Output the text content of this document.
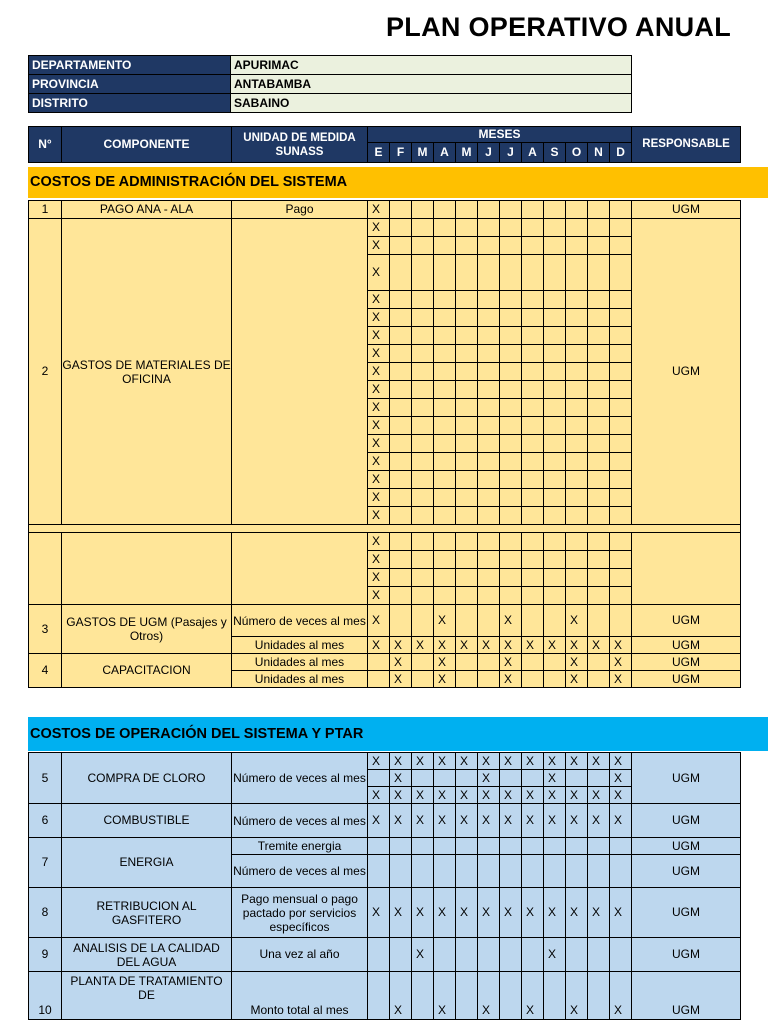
PLAN OPERATIVO ANUAL
DEPARTAMENTO	APURIMAC
PROVINCIA	ANTABAMBA
DISTRITO	SABAINO
N°	COMPONENTE	UNIDAD DE MEDIDA SUNASS	MESES												RESPONSABLE
			E	F	M	A	M	J	J	A	S	O	N	D	
COSTOS DE ADMINISTRACIÓN DEL SISTEMA
1	PAGO ANA - ALA	Pago	X												UGM
2	GASTOS DE MATERIALES DE OFICINA		X												UGM
			X												
			X												
			X												
			X												
			X												
			X												
			X												
			X												
			X												
			X												
			X												
			X												
			X												
			X												
			X												

			X												
			X												
			X												
			X												
3	GASTOS DE UGM (Pasajes y Otros)	Número de veces al mes	X			X			X			X			UGM
		Unidades al mes	X	X	X	X	X	X	X	X	X	X	X	X	UGM
4	CAPACITACION	Unidades al mes		X		X			X			X		X	UGM
		Unidades al mes		X		X			X			X		X	UGM
COSTOS DE OPERACIÓN DEL SISTEMA Y PTAR
5	COMPRA DE CLORO	Número de veces al mes	X	X	X	X	X	X	X	X	X	X	X	X	UGM
				X				X			X			X	
			X	X	X	X	X	X	X	X	X	X	X	X	
6	COMBUSTIBLE	Número de veces al mes	X	X	X	X	X	X	X	X	X	X	X	X	UGM
7	ENERGIA	Tremite energia													UGM
		Número de veces al mes													UGM
8	RETRIBUCION AL GASFITERO	Pago mensual o pago pactado por servicios específicos	X	X	X	X	X	X	X	X	X	X	X	X	UGM
9	ANALISIS DE LA CALIDAD DEL AGUA	Una vez al año			X						X				UGM
10	PLANTA DE TRATAMIENTO DE	Monto total al mes		X		X		X		X		X		X	UGM
